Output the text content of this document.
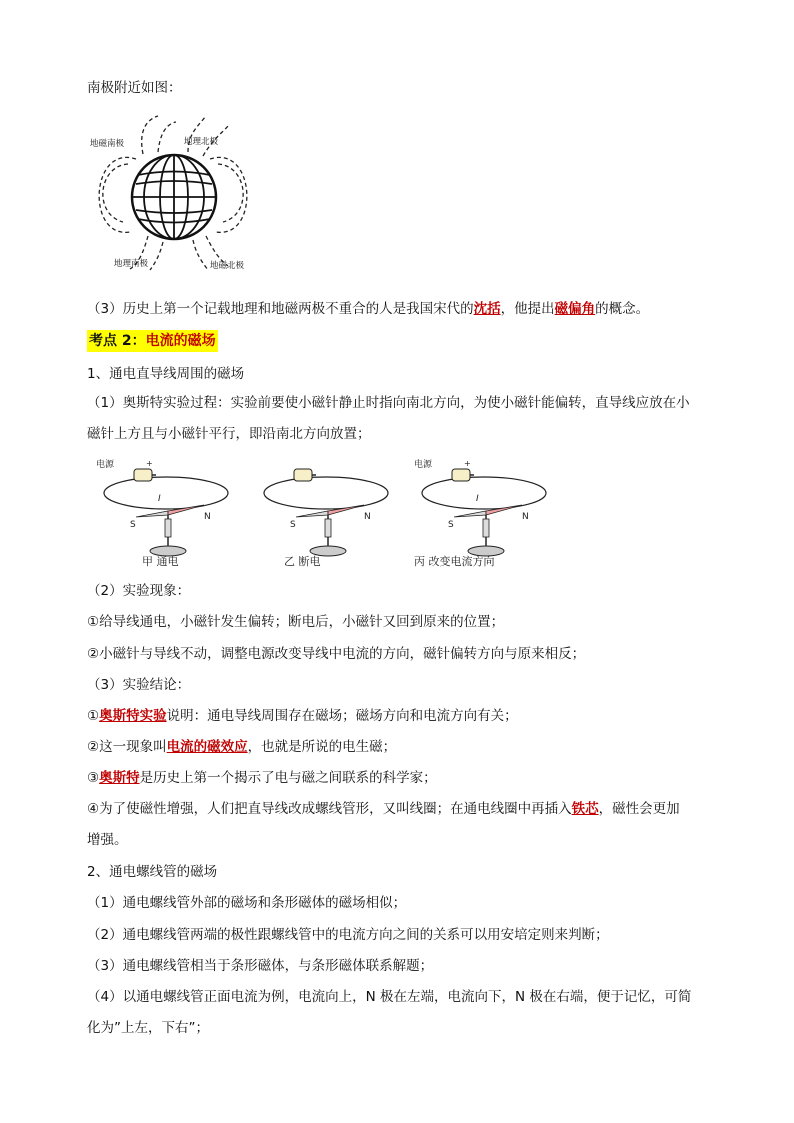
南极附近如图：
地磁南极	地理北极
地理南极	地磁北极
（3）历史上第一个记载地理和地磁两极不重合的人是我国宋代的沈括，他提出磁偏角的概念。
考点 2：电流的磁场
1、通电直导线周围的磁场
（1）奥斯特实验过程：实验前要使小磁针静止时指向南北方向，为使小磁针能偏转，直导线应放在小
磁针上方且与小磁针平行，即沿南北方向放置；
电源	+
I
S
N
甲 通电
S
N
乙 断电
电源	+
I
S
N
丙 改变电流方向
（2）实验现象：
①给导线通电，小磁针发生偏转；断电后，小磁针又回到原来的位置；
②小磁针与导线不动，调整电源改变导线中电流的方向，磁针偏转方向与原来相反；
（3）实验结论：
①奥斯特实验说明：通电导线周围存在磁场；磁场方向和电流方向有关；
②这一现象叫电流的磁效应，也就是所说的电生磁；
③奥斯特是历史上第一个揭示了电与磁之间联系的科学家；
④为了使磁性增强，人们把直导线改成螺线管形，又叫线圈；在通电线圈中再插入铁芯，磁性会更加
增强。
2、通电螺线管的磁场
（1）通电螺线管外部的磁场和条形磁体的磁场相似；
（2）通电螺线管两端的极性跟螺线管中的电流方向之间的关系可以用安培定则来判断；
（3）通电螺线管相当于条形磁体，与条形磁体联系解题；
（4）以通电螺线管正面电流为例，电流向上，N 极在左端，电流向下，N 极在右端，便于记忆，可简
化为”上左，下右”；
